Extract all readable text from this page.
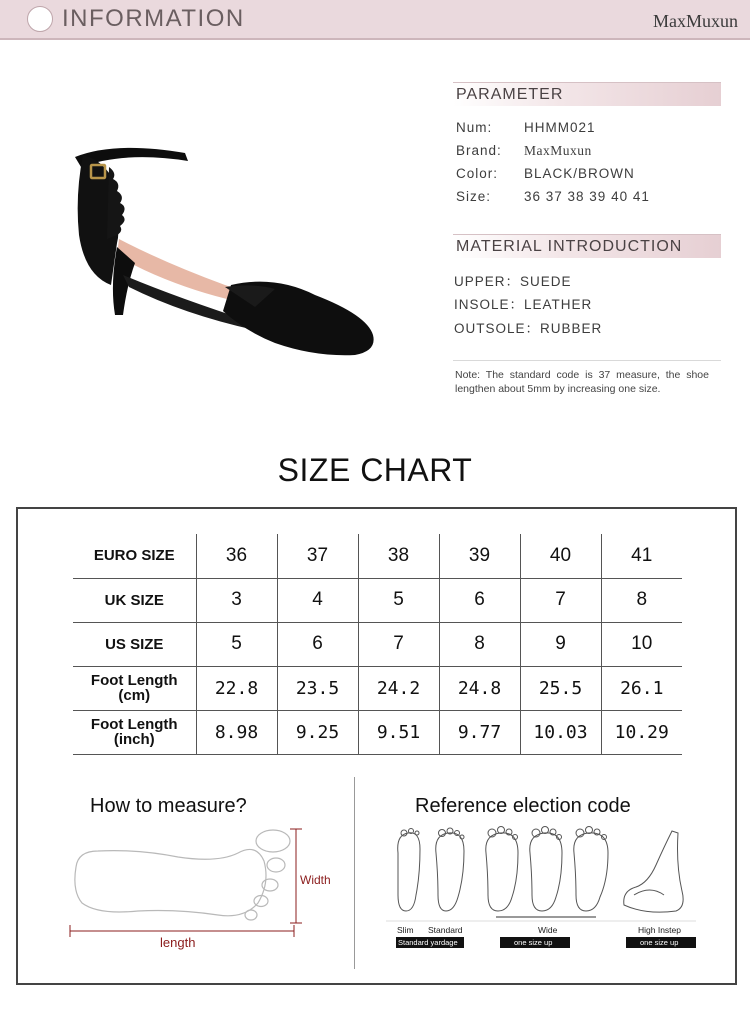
INFORMATION	MaxMuxun
PARAMETER
Num: HHMM021
Brand: MaxMuxun
Color: BLACK/BROWN
Size: 36 37 38 39 40 41
MATERIAL INTRODUCTION
UPPER：SUEDE
INSOLE：LEATHER
OUTSOLE：RUBBER
Note: The standard code is 37 measure, the shoe lengthen about 5mm by increasing one size.
SIZE CHART
EURO SIZE	36	37	38	39	40	41
UK SIZE	3	4	5	6	7	8
US SIZE	5	6	7	8	9	10
Foot Length
(cm)	22.8	23.5	24.2	24.8	25.5	26.1
Foot Length
(inch)	8.98	9.25	9.51	9.77	10.03	10.29
How to measure?	Reference election code
Width
length
Slim Standard	Wide	High Instep
Standard yardage	one size up	one size up
